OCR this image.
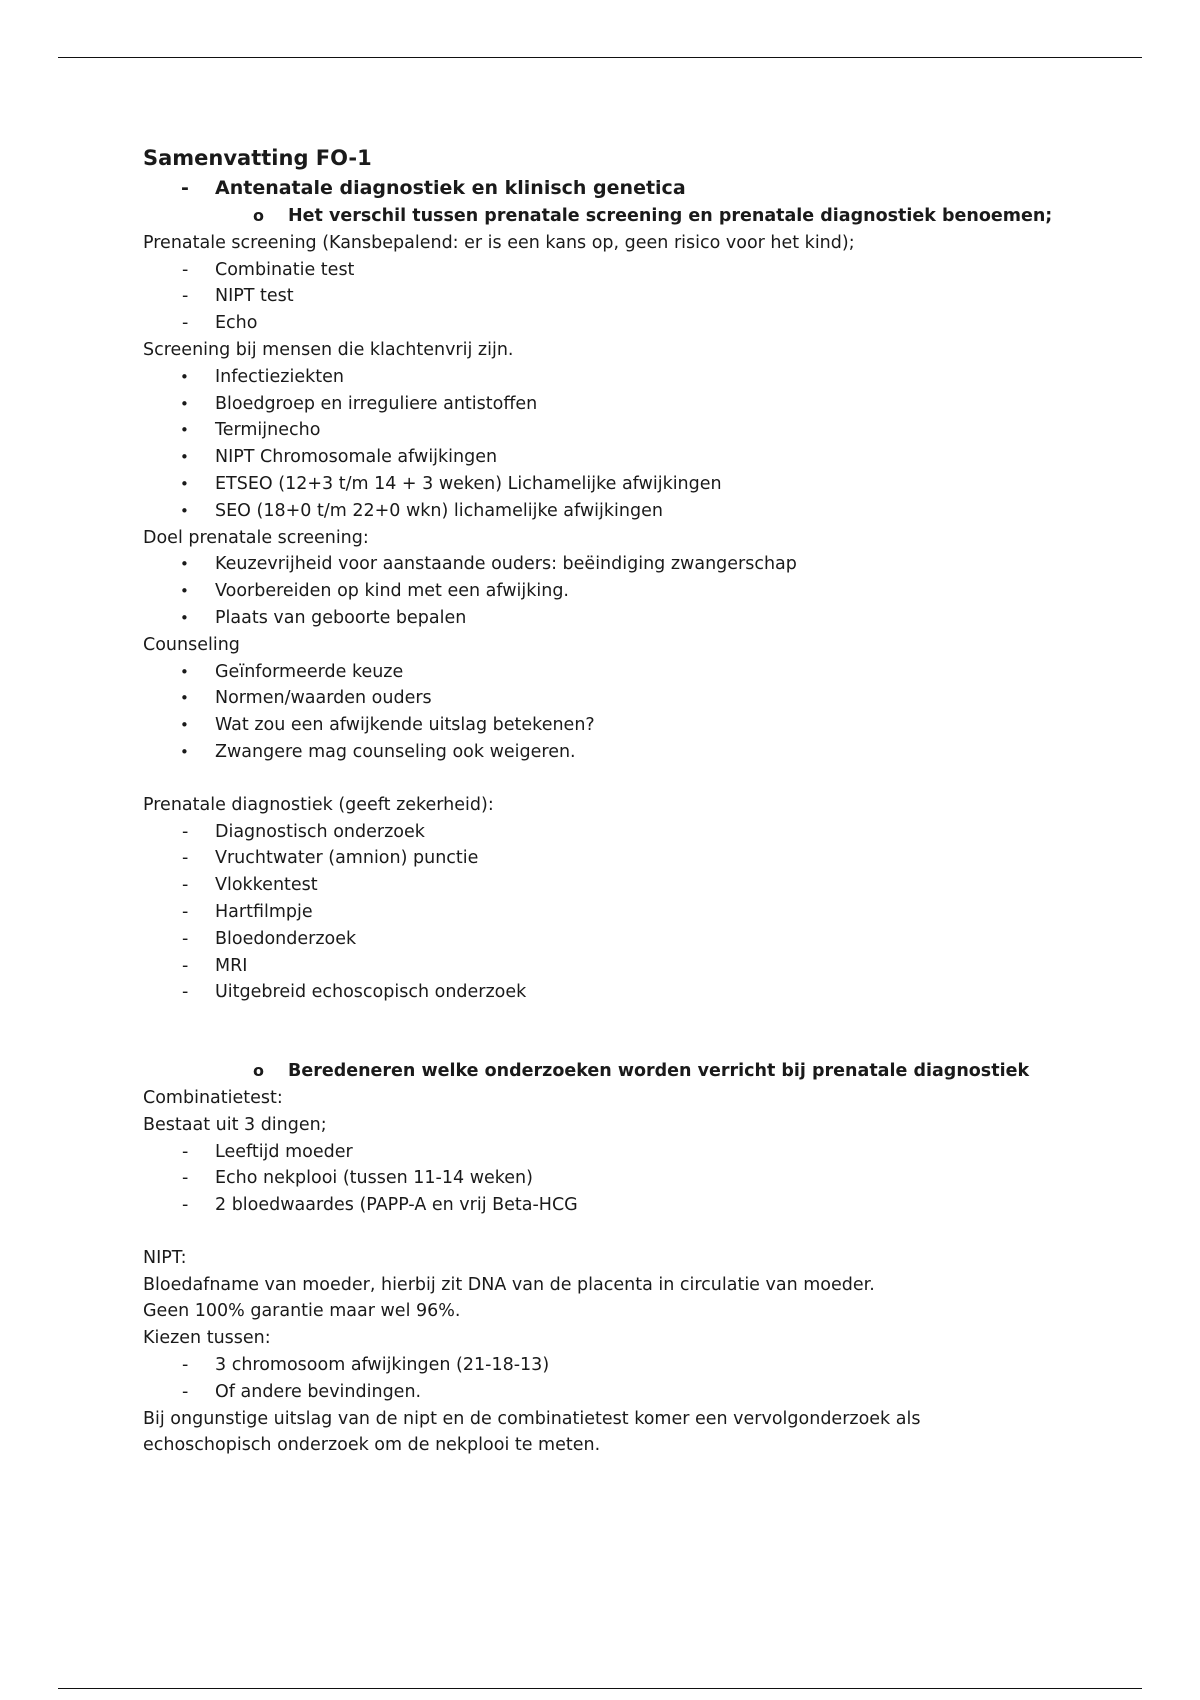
Samenvatting FO-1
- Antenatale diagnostiek en klinisch genetica
o Het verschil tussen prenatale screening en prenatale diagnostiek benoemen;
Prenatale screening (Kansbepalend: er is een kans op, geen risico voor het kind);
- Combinatie test
- NIPT test
- Echo
Screening bij mensen die klachtenvrij zijn.
• Infectieziekten
• Bloedgroep en irreguliere antistoffen
• Termijnecho
• NIPT Chromosomale afwijkingen
• ETSEO (12+3 t/m 14 + 3 weken) Lichamelijke afwijkingen
• SEO (18+0 t/m 22+0 wkn) lichamelijke afwijkingen
Doel prenatale screening:
• Keuzevrijheid voor aanstaande ouders: beëindiging zwangerschap
• Voorbereiden op kind met een afwijking.
• Plaats van geboorte bepalen
Counseling
• Geïnformeerde keuze
• Normen/waarden ouders
• Wat zou een afwijkende uitslag betekenen?
• Zwangere mag counseling ook weigeren.
Prenatale diagnostiek (geeft zekerheid):
- Diagnostisch onderzoek
- Vruchtwater (amnion) punctie
- Vlokkentest
- Hartfilmpje
- Bloedonderzoek
- MRI
- Uitgebreid echoscopisch onderzoek
o Beredeneren welke onderzoeken worden verricht bij prenatale diagnostiek
Combinatietest:
Bestaat uit 3 dingen;
- Leeftijd moeder
- Echo nekplooi (tussen 11-14 weken)
- 2 bloedwaardes (PAPP-A en vrij Beta-HCG
NIPT:
Bloedafname van moeder, hierbij zit DNA van de placenta in circulatie van moeder.
Geen 100% garantie maar wel 96%.
Kiezen tussen:
- 3 chromosoom afwijkingen (21-18-13)
- Of andere bevindingen.
Bij ongunstige uitslag van de nipt en de combinatietest komer een vervolgonderzoek als
echoschopisch onderzoek om de nekplooi te meten.
